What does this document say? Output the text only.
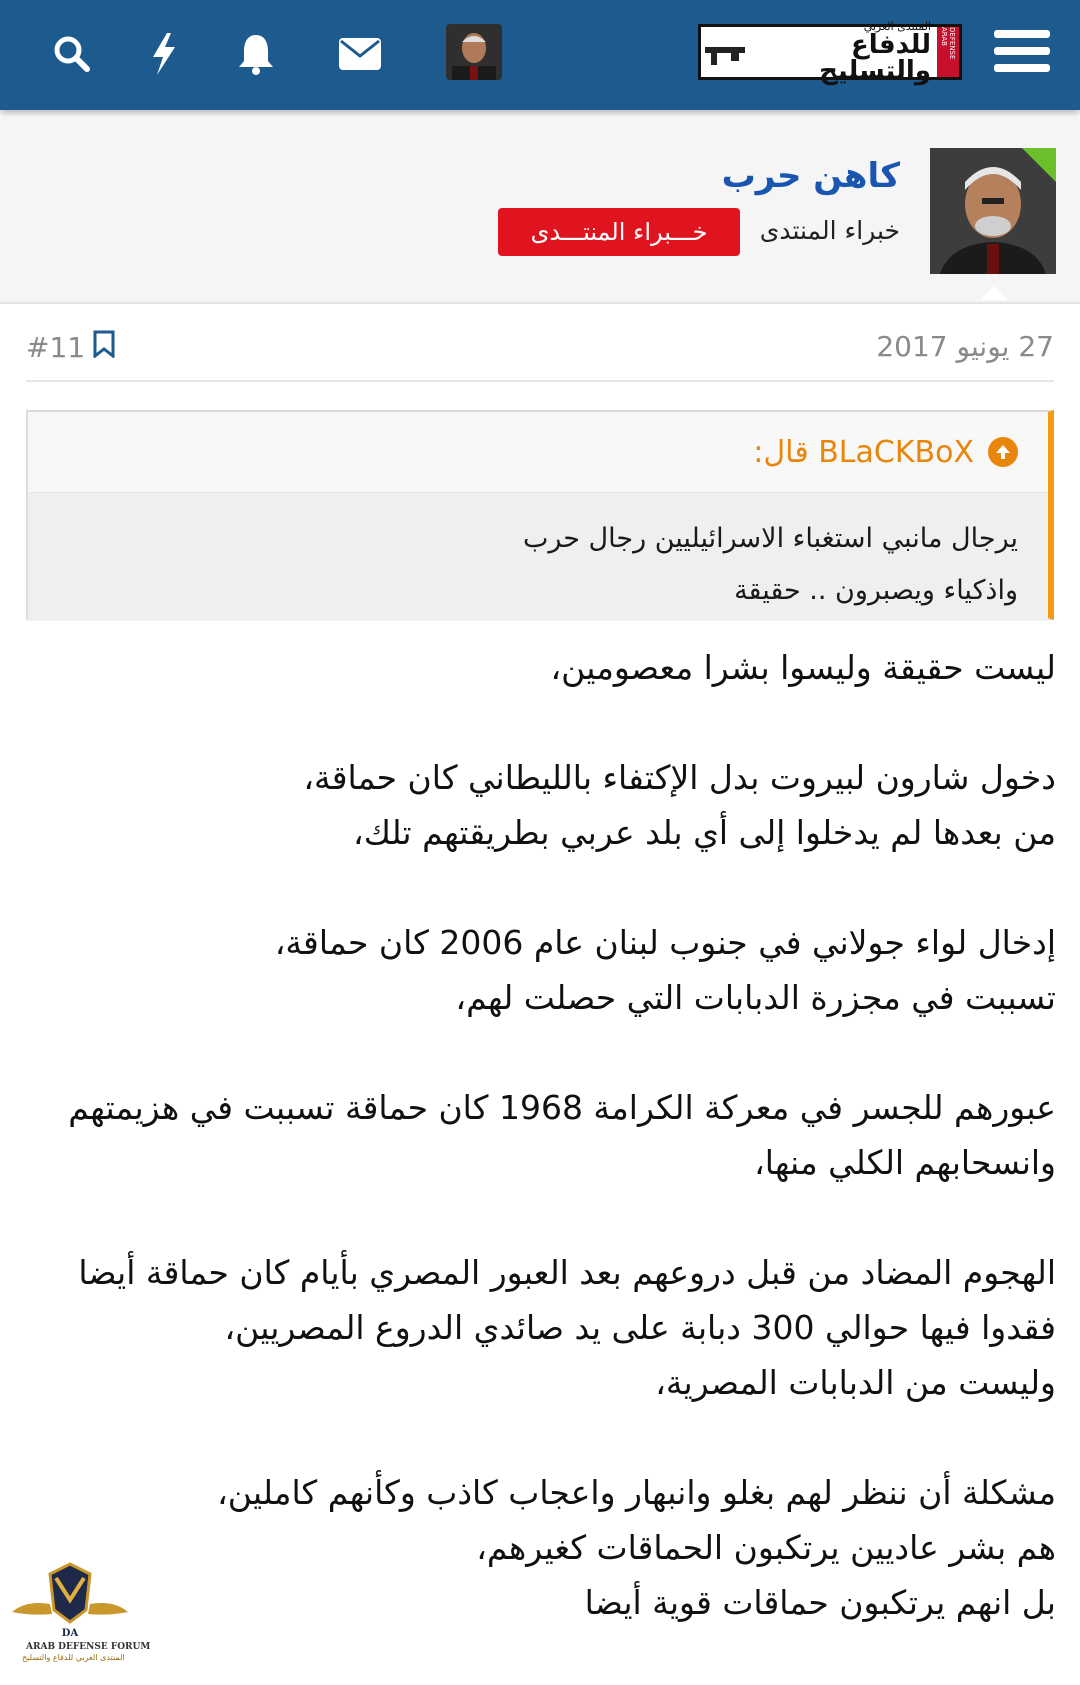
المنتدى العربي
للدفاع والتسليح
DEFENSE ARAB
كاهن حرب
خبراء المنتدى
خـــبراء المنتـــدى
27 يونيو 2017
#11
BLaCKBoX قال:
يرجال مانبي استغباء الاسرائيليين رجال حرب
واذكياء ويصبرون .. حقيقة
ليست حقيقة وليسوا بشرا معصومين،
دخول شارون لبيروت بدل الإكتفاء بالليطاني كان حماقة،
من بعدها لم يدخلوا إلى أي بلد عربي بطريقتهم تلك،
إدخال لواء جولاني في جنوب لبنان عام 2006 كان حماقة،
تسببت في مجزرة الدبابات التي حصلت لهم،
عبورهم للجسر في معركة الكرامة 1968 كان حماقة تسببت في هزيمتهم
وانسحابهم الكلي منها،
الهجوم المضاد من قبل دروعهم بعد العبور المصري بأيام كان حماقة أيضا
فقدوا فيها حوالي 300 دبابة على يد صائدي الدروع المصريين،
وليست من الدبابات المصرية،
مشكلة أن ننظر لهم بغلو وانبهار واعجاب كاذب وكأنهم كاملين،
هم بشر عاديين يرتكبون الحماقات كغيرهم،
بل انهم يرتكبون حماقات قوية أيضا
DA
ARAB DEFENSE FORUM
المنتدى العربي للدفاع والتسليح
